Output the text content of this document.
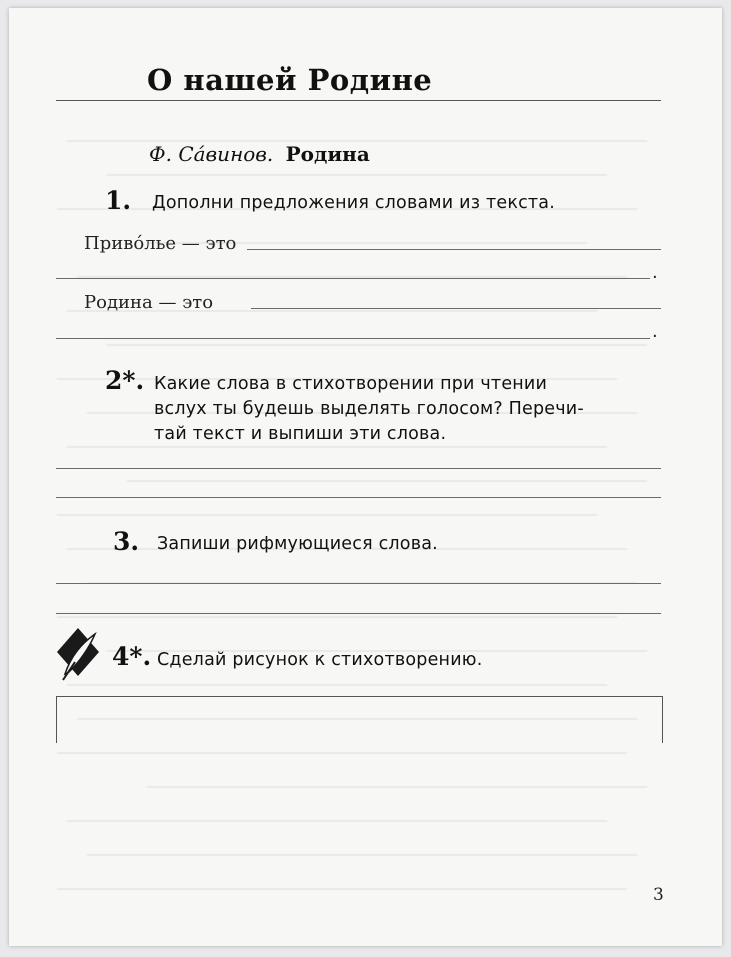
О нашей Родине
Ф. Са́винов. Родина
1. Дополни предложения словами из текста.
Приво́лье — это
.
Родина — это
.
2*. Какие слова в стихотворении при чтении
вслух ты будешь выделять голосом? Перечи-
тай текст и выпиши эти слова.
3. Запиши рифмующиеся слова.
4*. Сделай рисунок к стихотворению.
3
